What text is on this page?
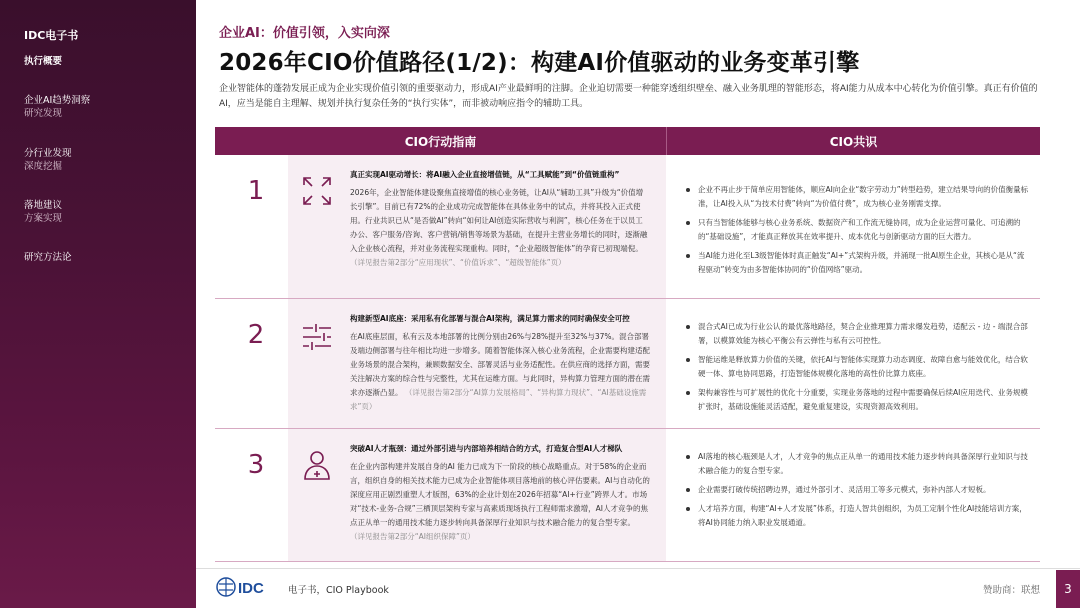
IDC电子书
执行概要
企业AI趋势洞察
研究发现
分行业发现
深度挖掘
落地建议
方案实现
研究方法论
企业AI：价值引领，入实向深
2026年CIO价值路径(1/2)：构建AI价值驱动的业务变革引擎
企业智能体的蓬勃发展正成为企业实现价值引领的重要驱动力，形成AI产业最鲜明的注脚。企业迫切需要一种能穿透组织壁垒、融入业务肌理的智能形态，将AI能力从成本中心转化为价值引擎。真正有价值的AI，应当是能自主理解、规划并执行复杂任务的“执行实体”，而非被动响应指令的辅助工具。
CIO行动指南	CIO共识
1
真正实现AI驱动增长：将AI融入企业直接增值链，从“工具赋能”到“价值链重构”
2026年，企业智能体建设聚焦直接增值的核心业务链，让AI从“辅助工具”升级为“价值增长引擎”。目前已有72%的企业成功完成智能体在具体业务中的试点，并将其投入正式使用。行业共识已从“是否做AI”转向“如何让AI创造实际营收与利润”，核心任务在于以员工办公、客户服务/咨询、客户营销/销售等场景为基础，在提升主营业务增长的同时，逐渐融入企业核心流程，并对业务流程实现重构。同时，“企业超级智能体”的孕育已初现端倪。 （详见报告第2部分“应用现状”、“价值诉求”、“超级智能体”页）
企业不再止步于简单应用智能体，顺应AI向企业“数字劳动力”转型趋势，建立结果导向的价值衡量标准，让AI投入从“为技术付费”转向“为价值付费”，成为核心业务刚需支撑。
只有当智能体能够与核心业务系统、数据资产和工作流无缝协同，成为企业运营可量化、可追溯的的“基础设施”，才能真正释放其在效率提升、成本优化与创新驱动方面的巨大潜力。
当AI能力进化至L3级智能体时真正触发“AI+”式架构升级，并涌现一批AI原生企业，其核心是从“流程驱动”转变为由多智能体协同的“价值网络”驱动。
2
构建新型AI底座：采用私有化部署与混合AI架构，满足算力需求的同时确保安全可控
在AI底座层面，私有云及本地部署的比例分别由26%与28%提升至32%与37%。混合部署及端边侧部署与往年相比均进一步增多。随着智能体深入核心业务流程，企业需要构建适配业务场景的混合架构，兼顾数据安全、部署灵活与业务适配性。在供应商的选择方面，需要关注解决方案的综合性与完整性，尤其在运维方面。与此同时，异构算力管理方面的潜在需求亦逐渐凸显。 （详见报告第2部分“AI算力发展格局”、“异构算力现状”、“AI基础设施需求”页）
混合式AI已成为行业公认的最优落地路径，契合企业推理算力需求爆发趋势，适配云 - 边 - 端混合部署，以模算效能为核心平衡公有云弹性与私有云可控性。
智能运维是释放算力价值的关键，依托AI与智能体实现算力动态调度、故障自愈与能效优化，结合软硬一体、算电协同思路，打造智能体规模化落地的高性价比算力底座。
架构兼容性与可扩展性的优化十分重要，实现业务落地的过程中需要确保后续AI应用迭代、业务规模扩张时，基础设施能灵活适配，避免重复建设，实现资源高效利用。
3
突破AI人才瓶颈：通过外部引进与内部培养相结合的方式，打造复合型AI人才梯队
在企业内部构建并发展自身的AI 能力已成为下一阶段的核心战略重点。对于58%的企业而言，组织自身的相关技术能力已成为企业智能体项目落地前的核心评估要素。AI与自动化的深度应用正剧烈重塑人才版图，63%的企业计划在2026年招募“AI+行业”跨界人才。市场对“技术-业务-合规”三栖顶层架构专家与高素质现场执行工程师需求激增，AI人才竞争的焦点正从单一的通用技术能力逐步转向具备深厚行业知识与技术融合能力的复合型专家。 （详见报告第2部分“AI组织保障”页）
AI落地的核心瓶颈是人才，人才竞争的焦点正从单一的通用技术能力逐步转向具备深厚行业知识与技术融合能力的复合型专家。
企业需要打破传统招聘边界，通过外部引才、灵活用工等多元模式，弥补内部人才短板。
人才培养方面，构建“AI+人才发展”体系，打造人智共创组织，为员工定制个性化AI技能培训方案，将AI协同能力纳入职业发展通道。
IDC	电子书，CIO Playbook	赞助商：联想	3
